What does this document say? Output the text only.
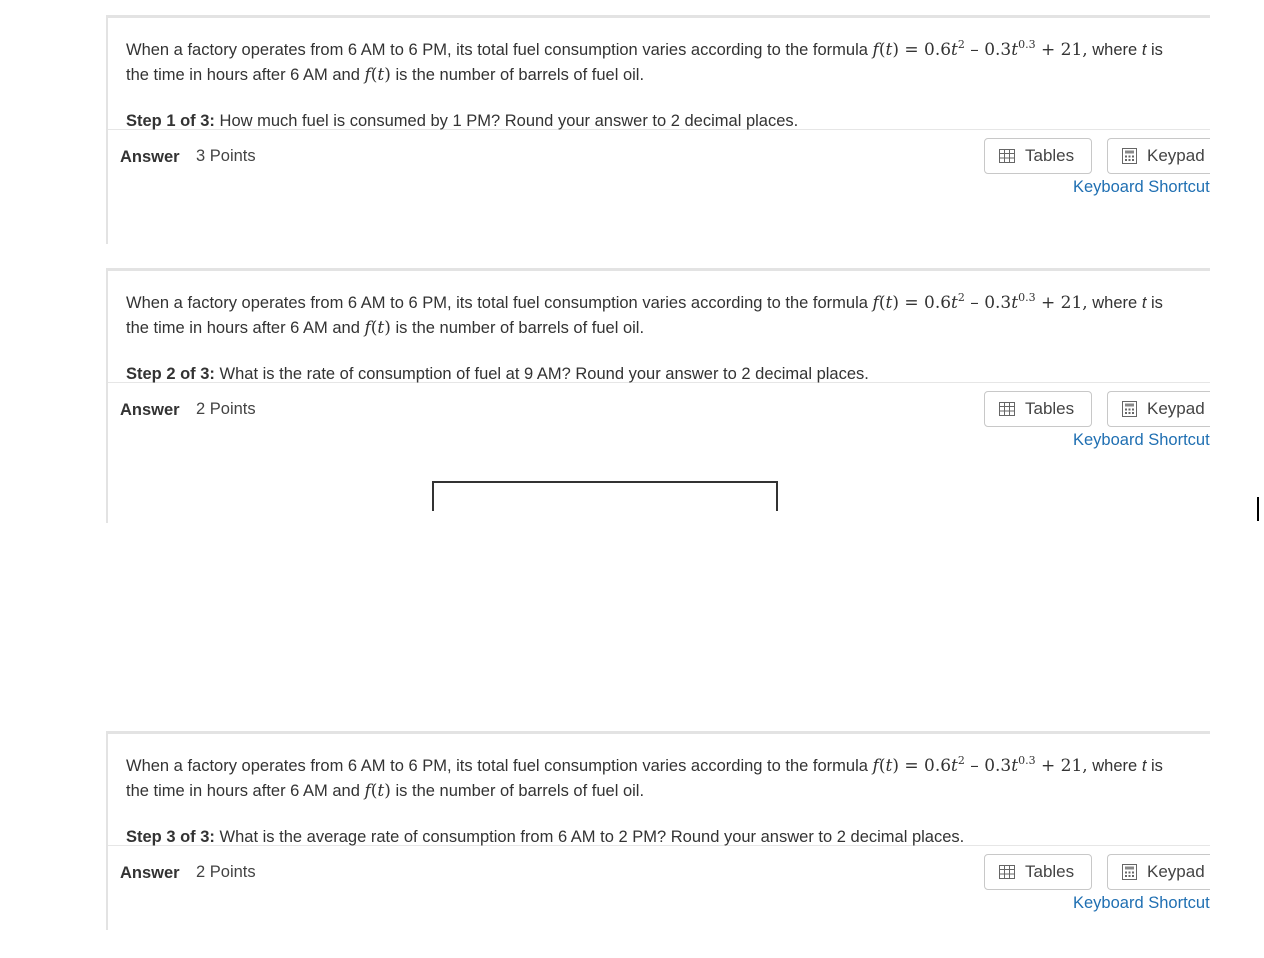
When a factory operates from 6 AM to 6 PM, its total fuel consumption varies according to the formula $f(t) = 0.6t^2 - 0.3t^{0.3} + 21$, where t is

the time in hours after 6 AM and f(t) is the number of barrels of fuel oil.

Step 1 of 3: How much fuel is consumed by 1 PM? Round your answer to 2 decimal places.

Answer 3 Points	Tables	Keypad
Keyboard Shortcut

When a factory operates from 6 AM to 6 PM, its total fuel consumption varies according to the formula $f(t) = 0.6t^2 - 0.3t^{0.3} + 21$, where t is

the time in hours after 6 AM and f(t) is the number of barrels of fuel oil.

Step 2 of 3: What is the rate of consumption of fuel at 9 AM? Round your answer to 2 decimal places.

Answer 2 Points	Tables	Keypad
Keyboard Shortcut

When a factory operates from 6 AM to 6 PM, its total fuel consumption varies according to the formula $f(t) = 0.6t^2 - 0.3t^{0.3} + 21$, where t is

the time in hours after 6 AM and f(t) is the number of barrels of fuel oil.

Step 3 of 3: What is the average rate of consumption from 6 AM to 2 PM? Round your answer to 2 decimal places.

Answer 2 Points	Tables	Keypad
Keyboard Shortcut
